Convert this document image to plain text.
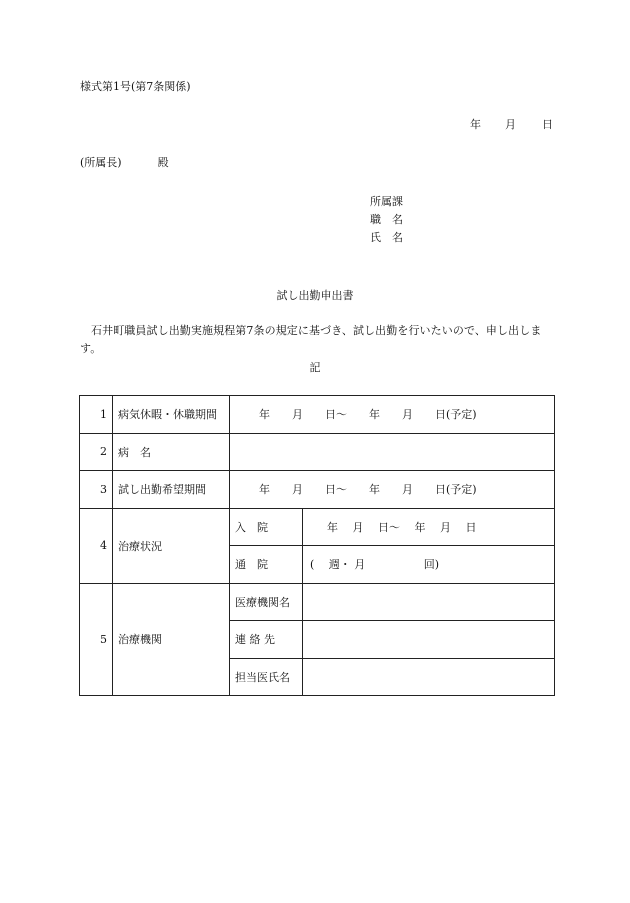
様式第1号(第7条関係)
年 月 日
(所属長)	殿
所属課
職　名
氏　名
試し出勤申出書
石井町職員試し出勤実施規程第7条の規定に基づき、試し出勤を行いたいので、申し出します。
記
1	病気休暇・休職期間	年　　月　　日～　　年　　月　　日(予定)	
2	病　名		
3	試し出勤希望期間	年　　月　　日～　　年　　月　　日(予定)	
4	治療状況	入　院	年　 月 　日～　 年　 月　 日
		通　院	(　 週・ 月　 　　　　回)
5	治療機関	医療機関名	
		連 絡 先	
		担当医氏名	
